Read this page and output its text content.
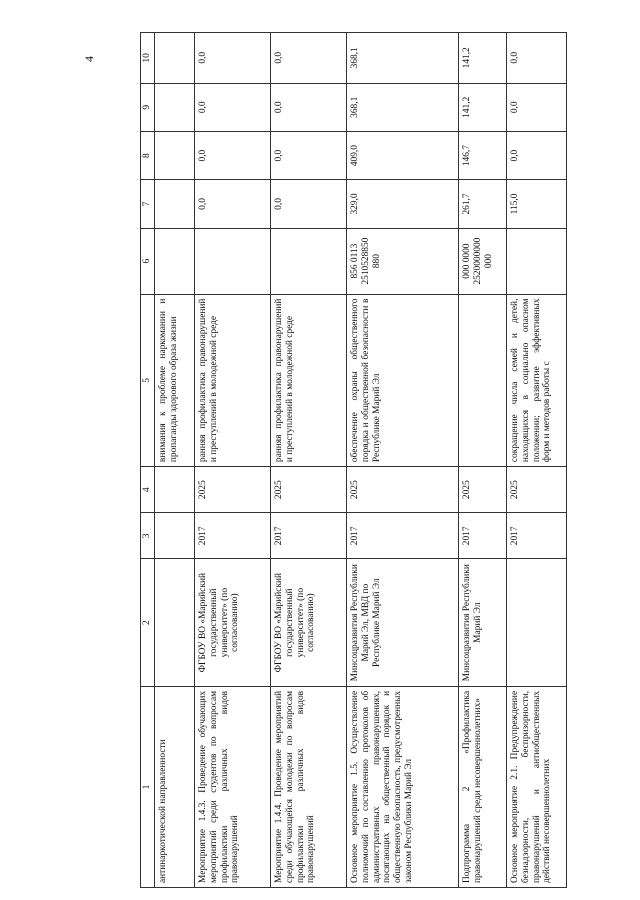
4
1	2	3	4	5	6	7	8	9	10
антинаркотической направленности				внимания к проблеме наркомании и пропаганды здорового образа жизни					
Мероприятие 1.4.3. Проведение обучающих мероприятий среди студентов по вопросам профилактики различных видов правонарушений	ФГБОУ ВО «Марийский государственный университет» (по согласованию)	2017	2025	ранняя профилактика правонарушений и преступлений в молодежной среде		0,0	0,0	0,0	0,0
Мероприятие 1.4.4. Проведение мероприятий среди обучающейся молодежи по вопросам профилактики различных видов правонарушений	ФГБОУ ВО «Марийский государственный университет» (по согласованию)	2017	2025	ранняя профилактика правонарушений и преступлений в молодежной среде		0,0	0,0	0,0	0,0
Основное мероприятие 1.5. Осуществление полномочий по составлению протоколов об административных правонарушениях, посягающих на общественный порядок и общественную безопасность, предусмотренных законом Республики Марий Эл	Минсоцразвития Республики Марий Эл, МВД по Республике Марий Эл	2017	2025	обеспечение охраны общественного порядка и общественной безопасности в Республике Марий Эл	856 0113 2510528850 880	329,0	409,0	368,1	368,1
Подпрограмма 2 «Профилактика правонарушений среди несовершеннолетних»	Минсоцразвития Республики Марий Эл	2017	2025		000 0000 2520000000 000	261,7	146,7	141,2	141,2
Основное мероприятие 2.1. Предупреждение безнадзорности, беспризорности, правонарушений и антиобщественных действий несовершеннолетних		2017	2025	сокращение числа семей и детей, находящихся в социально опасном положении; развитие эффективных форм и методов работы с		115,0	0,0	0,0	0,0
